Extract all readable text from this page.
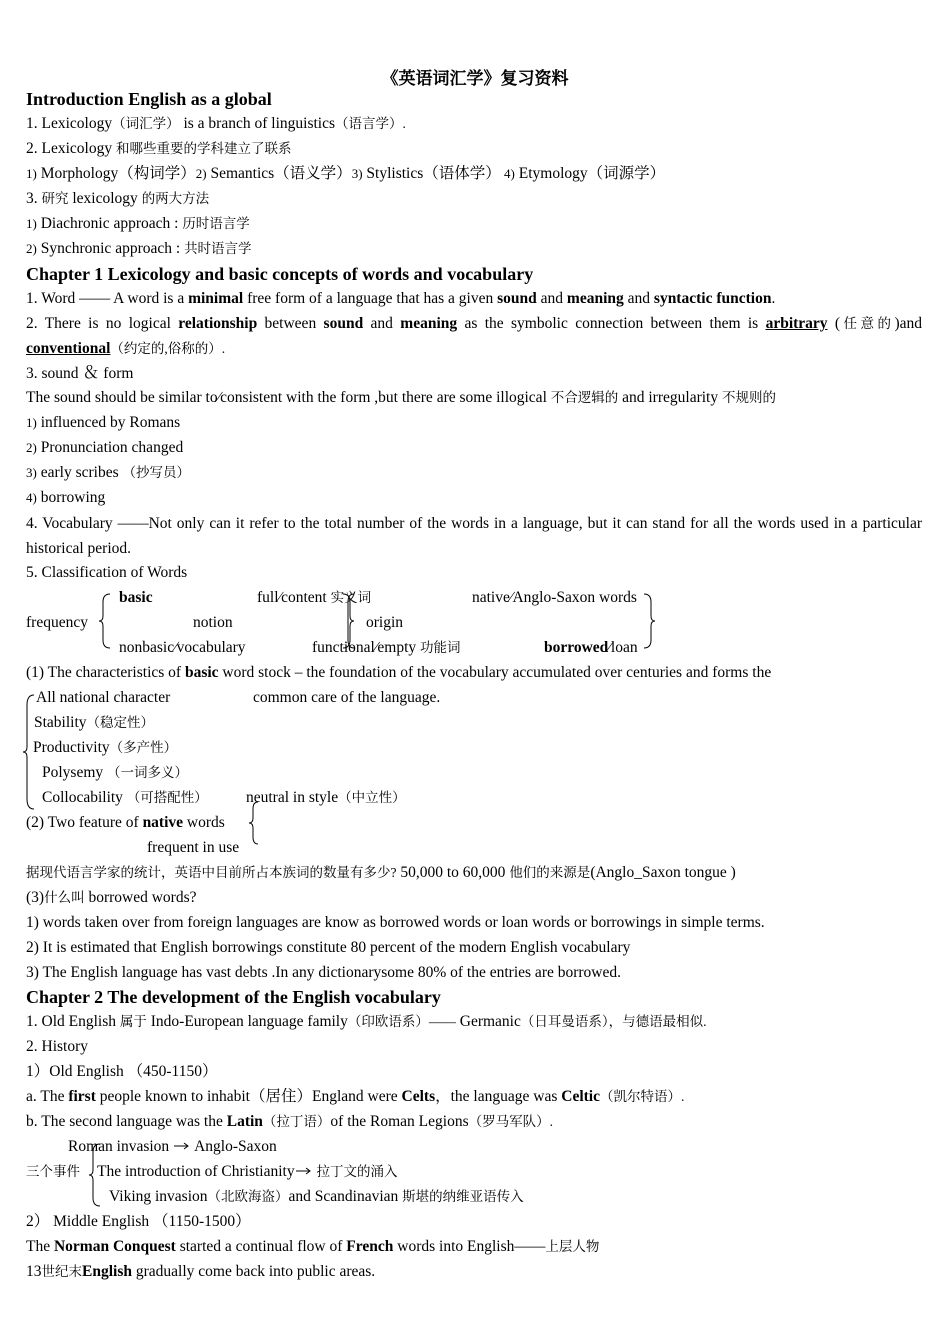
《英语词汇学》复习资料
Introduction English as a global
1. Lexicology（词汇学） is a branch of linguistics（语言学）.
2. Lexicology 和哪些重要的学科建立了联系
1) Morphology（构词学）2) Semantics（语义学）3) Stylistics（语体学） 4) Etymology（词源学）
3. 研究 lexicology 的两大方法
1) Diachronic approach : 历时语言学
2) Synchronic approach : 共时语言学
Chapter 1 Lexicology and basic concepts of words and vocabulary
1. Word —— A word is a minimal free form of a language that has a given sound and meaning and syntactic function.
2. There is no logical relationship between sound and meaning as the symbolic connection between them is arbitrary (任意的)and conventional（约定的,俗称的）.
3. sound ＆ form
The sound should be similar to∕consistent with the form ,but there are some illogical 不合逻辑的 and irregularity 不规则的
1) influenced by Romans
2) Pronunciation changed
3) early scribes （抄写员）
4) borrowing
4. Vocabulary ——Not only can it refer to the total number of the words in a language, but it can stand for all the words used in a particular historical period.
5. Classification of Words
frequency
basic
nonbasic∕vocabulary
full∕content 实义词
notion
functional∕empty 功能词
origin
native∕Anglo-Saxon words
borrowed∕loan
(1) The characteristics of basic word stock – the foundation of the vocabulary accumulated over centuries and forms the
All national character	common care of the language.
Stability（稳定性）
Productivity（多产性）
Polysemy （一词多义）
Collocability （可搭配性） neutral in style（中立性）
(2) Two feature of native words
frequent in use
据现代语言学家的统计，英语中目前所占本族词的数量有多少? 50,000 to 60,000 他们的来源是(Anglo_Saxon tongue )
(3)什么叫 borrowed words?
1) words taken over from foreign languages are know as borrowed words or loan words or borrowings in simple terms.
2) It is estimated that English borrowings constitute 80 percent of the modern English vocabulary
3) The English language has vast debts .In any dictionarysome 80% of the entries are borrowed.
Chapter 2 The development of the English vocabulary
1. Old English 属于 Indo-European language family（印欧语系）—— Germanic（日耳曼语系），与德语最相似.
2. History
1）Old English （450-1150）
a. The first people known to inhabit（居住）England were Celts，the language was Celtic（凯尔特语）.
b. The second language was the Latin（拉丁语）of the Roman Legions（罗马军队）.
三个事件
Roman invasion Anglo-Saxon
The introduction of Christianity 拉丁文的涌入
Viking invasion（北欧海盗）and Scandinavian 斯堪的纳维亚语传入
2） Middle English （1150-1500）
The Norman Conquest started a continual flow of French words into English——上层人物
13世纪末English gradually come back into public areas.
